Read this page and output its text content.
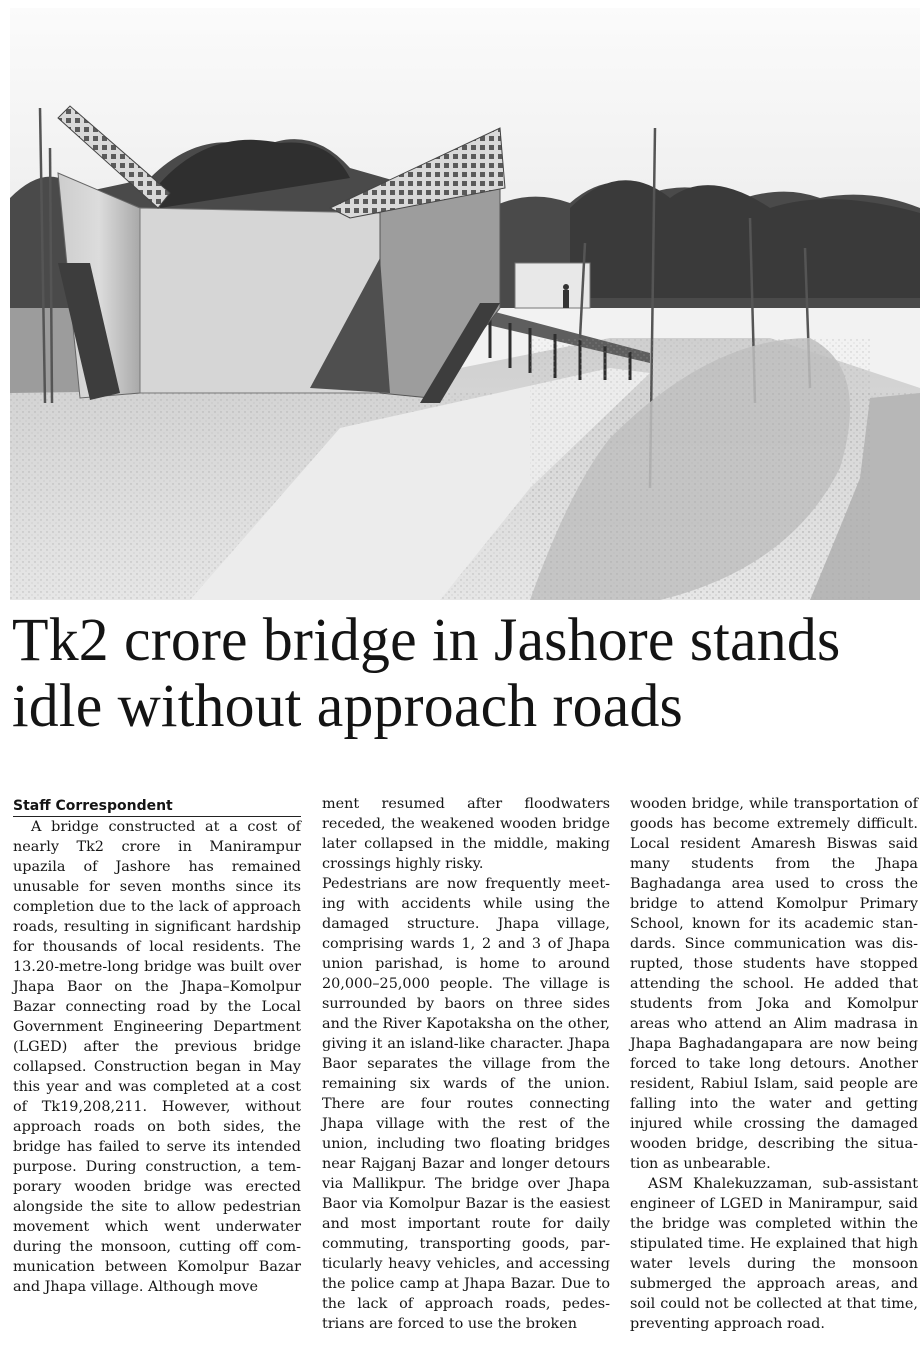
Tk2 crore bridge in Jashore stands idle without approach roads
Staff Correspondent

A bridge constructed at a cost of nearly Tk2 crore in Manirampur upazila of Jashore has remained unusable for seven months since its completion due to the lack of approach roads, resulting in significant hardship for thousands of local residents. The 13.20-metre-long bridge was built over Jhapa Baor on the Jhapa–Komolpur Bazar connecting road by the Local Government Engineering Department (LGED) after the previous bridge collapsed. Construction began in May this year and was completed at a cost of Tk19,208,211. However, without approach roads on both sides, the bridge has failed to serve its intended purpose. During construction, a temporary wooden bridge was erected alongside the site to allow pedestrian movement which went underwater during the monsoon, cutting off communication between Komolpur Bazar and Jhapa village. Although move

ment resumed after floodwaters receded, the weakened wooden bridge later collapsed in the middle, making crossings highly risky.

Pedestrians are now frequently meeting with accidents while using the damaged structure. Jhapa village, comprising wards 1, 2 and 3 of Jhapa union parishad, is home to around 20,000–25,000 people. The village is surrounded by baors on three sides and the River Kapotaksha on the other, giving it an island-like character. Jhapa Baor separates the village from the remaining six wards of the union. There are four routes connecting Jhapa village with the rest of the union, including two floating bridges near Rajganj Bazar and longer detours via Mallikpur. The bridge over Jhapa Baor via Komolpur Bazar is the easiest and most important route for daily commuting, transporting goods, particularly heavy vehicles, and accessing the police camp at Jhapa Bazar. Due to the lack of approach roads, pedestrians are forced to use the broken

wooden bridge, while transportation of goods has become extremely difficult. Local resident Amaresh Biswas said many students from the Jhapa Baghadanga area used to cross the bridge to attend Komolpur Primary School, known for its academic standards. Since communication was disrupted, those students have stopped attending the school. He added that students from Joka and Komolpur areas who attend an Alim madrasa in Jhapa Baghadangapara are now being forced to take long detours. Another resident, Rabiul Islam, said people are falling into the water and getting injured while crossing the damaged wooden bridge, describing the situation as unbearable.

ASM Khalekuzzaman, sub-assistant engineer of LGED in Manirampur, said the bridge was completed within the stipulated time. He explained that high water levels during the monsoon submerged the approach areas, and soil could not be collected at that time, preventing approach road.
